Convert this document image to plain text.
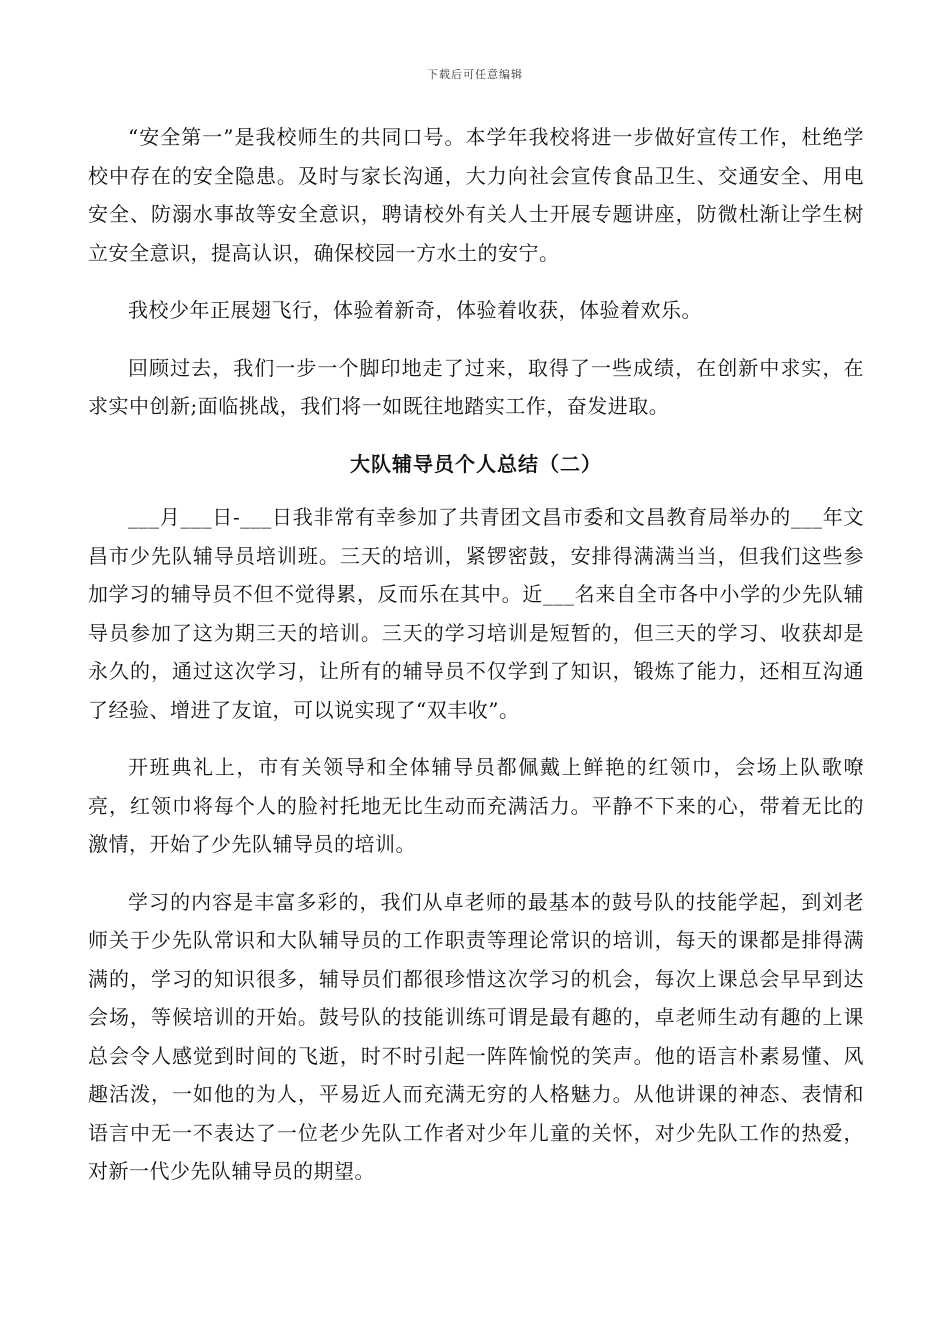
下载后可任意编辑

“安全第一”是我校师生的共同口号。本学年我校将进一步做好宣传工作，杜绝学校中存在的安全隐患。及时与家长沟通，大力向社会宣传食品卫生、交通安全、用电安全、防溺水事故等安全意识，聘请校外有关人士开展专题讲座，防微杜渐让学生树立安全意识，提高认识，确保校园一方水土的安宁。

我校少年正展翅飞行，体验着新奇，体验着收获，体验着欢乐。

回顾过去，我们一步一个脚印地走了过来，取得了一些成绩，在创新中求实，在求实中创新;面临挑战，我们将一如既往地踏实工作，奋发进取。

大队辅导员个人总结（二）

___月___日-___日我非常有幸参加了共青团文昌市委和文昌教育局举办的___年文昌市少先队辅导员培训班。三天的培训，紧锣密鼓，安排得满满当当，但我们这些参加学习的辅导员不但不觉得累，反而乐在其中。近___名来自全市各中小学的少先队辅导员参加了这为期三天的培训。三天的学习培训是短暂的，但三天的学习、收获却是永久的，通过这次学习，让所有的辅导员不仅学到了知识，锻炼了能力，还相互沟通了经验、增进了友谊，可以说实现了“双丰收”。

开班典礼上，市有关领导和全体辅导员都佩戴上鲜艳的红领巾，会场上队歌嘹亮，红领巾将每个人的脸衬托地无比生动而充满活力。平静不下来的心，带着无比的激情，开始了少先队辅导员的培训。

学习的内容是丰富多彩的，我们从卓老师的最基本的鼓号队的技能学起，到刘老师关于少先队常识和大队辅导员的工作职责等理论常识的培训，每天的课都是排得满满的，学习的知识很多，辅导员们都很珍惜这次学习的机会，每次上课总会早早到达会场，等候培训的开始。鼓号队的技能训练可谓是最有趣的，卓老师生动有趣的上课总会令人感觉到时间的飞逝，时不时引起一阵阵愉悦的笑声。他的语言朴素易懂、风趣活泼，一如他的为人，平易近人而充满无穷的人格魅力。从他讲课的神态、表情和语言中无一不表达了一位老少先队工作者对少年儿童的关怀，对少先队工作的热爱，对新一代少先队辅导员的期望。
